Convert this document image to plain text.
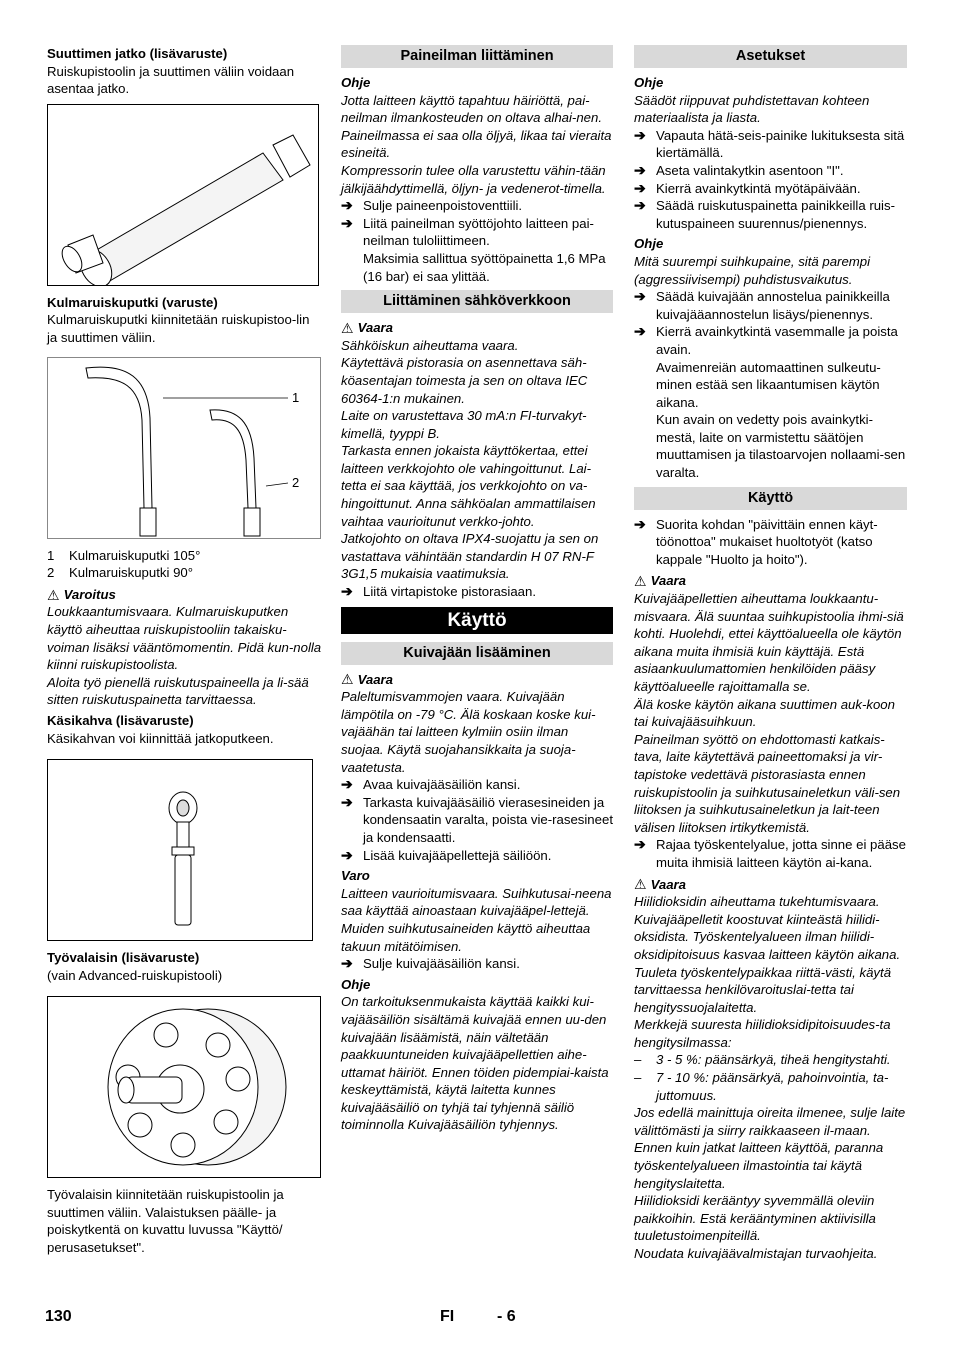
Suuttimen jatko (lisävaruste)

Ruiskupistoolin ja suuttimen väliin voidaan asentaa jatko.

Kulmaruiskuputki (varuste)

Kulmaruiskuputki kiinnitetään ruiskupistoo-lin ja suuttimen väliin.

1
2
1	Kulmaruiskuputki 105°
2	Kulmaruiskuputki 90°
⚠ Varoitus

Loukkaantumisvaara. Kulmaruiskuputken käyttö aiheuttaa ruiskupistooliin takaisku-voiman lisäksi vääntömomentin. Pidä kun-nolla kiinni ruiskupistoolista.

Aloita työ pienellä ruiskutuspaineella ja li-sää sitten ruiskutuspainetta tarvittaessa.

Käsikahva (lisävaruste)

Käsikahvan voi kiinnittää jatkoputkeen.

Työvalaisin (lisävaruste)

(vain Advanced-ruiskupistooli)

Työvalaisin kiinnitetään ruiskupistoolin ja suuttimen väliin. Valaistuksen päälle- ja poiskytkentä on kuvattu luvussa "Käyttö/ perusasetukset".

Paineilman liittäminen

Ohje

Jotta laitteen käyttö tapahtuu häiriöttä, pai-neilman ilmankosteuden on oltava alhai-nen. Paineilmassa ei saa olla öljyä, likaa tai vieraita esineitä.

Kompressorin tulee olla varustettu vähin-tään jälkijäähdyttimellä, öljyn- ja vedenerot-timella.

➔ Sulje paineenpoistoventtiili.
➔ Liitä paineilman syöttöjohto laitteen pai-neilman tuloliittimeen.

Maksimia sallittua syöttöpainetta 1,6 MPa (16 bar) ei saa ylittää.

Liittäminen sähköverkkoon
⚠ Vaara

Sähköiskun aiheuttama vaara.

Käytettävä pistorasia on asennettava säh-köasentajan toimesta ja sen on oltava IEC 60364-1:n mukainen.

Laite on varustettava 30 mA:n FI-turvakyt-kimellä, tyyppi B.

Tarkasta ennen jokaista käyttökertaa, ettei laitteen verkkojohto ole vahingoittunut. Lai-tetta ei saa käyttää, jos verkkojohto on va-hingoittunut. Anna sähköalan ammattilaisen vaihtaa vaurioitunut verkko-johto.

Jatkojohto on oltava IPX4-suojattu ja sen on vastattava vähintään standardin H 07 RN-F 3G1,5 mukaisia vaatimuksia.

➔ Liitä virtapistoke pistorasiaan.
Käyttö
Kuivajään lisääminen
⚠ Vaara

Paleltumisvammojen vaara. Kuivajään lämpötila on -79 °C. Älä koskaan koske kui-vajäähän tai laitteen kylmiin osiin ilman suojaa. Käytä suojahansikkaita ja suoja-vaatetusta.

➔ Avaa kuivajääsäiliön kansi.
➔ Tarkasta kuivajääsäiliö vierasesineiden ja kondensaatin varalta, poista vie-rasesineet ja kondensaatti.
➔ Lisää kuivajääpellettejä säiliöön.

Varo

Laitteen vaurioitumisvaara. Suihkutusai-neena saa käyttää ainoastaan kuivajääpel-lettejä. Muiden suihkutusaineiden käyttö aiheuttaa takuun mitätöimisen.

➔ Sulje kuivajääsäiliön kansi.

Ohje

On tarkoituksenmukaista käyttää kaikki kui-vajääsäiliön sisältämä kuivajää ennen uu-den kuivajään lisäämistä, näin vältetään paakkuuntuneiden kuivajääpellettien aihe-uttamat häiriöt. Ennen töiden pidempiai-kaista keskeyttämistä, käytä laitetta kunnes kuivajääsäiliö on tyhjä tai tyhjennä säiliö toiminnolla Kuivajääsäiliön tyhjennys.

Asetukset

Ohje

Säädöt riippuvat puhdistettavan kohteen materiaalista ja liasta.

➔ Vapauta hätä-seis-painike lukituksesta sitä kiertämällä.
➔ Aseta valintakytkin asentoon "I".
➔ Kierrä avainkytkintä myötäpäivään.
➔ Säädä ruiskutuspainetta painikkeilla ruis-kutuspaineen suurennus/pienennys.

Ohje

Mitä suurempi suihkupaine, sitä parempi (aggressiivisempi) puhdistusvaikutus.

➔ Säädä kuivajään annostelua painikkeilla kuivajääannostelun lisäys/pienennys.
➔ Kierrä avainkytkintä vasemmalle ja poista avain.

Avaimenreiän automaattinen sulkeutu-minen estää sen likaantumisen käytön aikana.

Kun avain on vedetty pois avainkytki-mestä, laite on varmistettu säätöjen muuttamisen ja tilastoarvojen nollaami-sen varalta.

Käyttö
➔ Suorita kohdan "päivittäin ennen käyt-töönottoa" mukaiset huoltotyöt (katso kappale "Huolto ja hoito").
⚠ Vaara

Kuivajääpellettien aiheuttama loukkaantu-misvaara. Älä suuntaa suihkupistoolia ihmi-siä kohti. Huolehdi, ettei käyttöalueella ole käytön aikana muita ihmisiä kuin käyttäjä. Estä asiaankuulumattomien henkilöiden pääsy käyttöalueelle rajoittamalla se.

Älä koske käytön aikana suuttimen auk-koon tai kuivajääsuihkuun.

Paineilman syöttö on ehdottomasti katkais-tava, laite käytettävä paineettomaksi ja vir-tapistoke vedettävä pistorasiasta ennen ruiskupistoolin ja suihkutusaineletkun väli-sen liitoksen ja suihkutusaineletkun ja lait-teen välisen liitoksen irtikytkemistä.

➔ Rajaa työskentelyalue, jotta sinne ei pääse muita ihmisiä laitteen käytön ai-kana.
⚠ Vaara

Hiilidioksidin aiheuttama tukehtumisvaara. Kuivajääpelletit koostuvat kiinteästä hiilidi-oksidista. Työskentelyalueen ilman hiilidi-oksidipitoisuus kasvaa laitteen käytön aikana. Tuuleta työskentelypaikkaa riittä-västi, käytä tarvittaessa henkilövaroituslai-tetta tai hengityssuojalaitetta.

Merkkejä suuresta hiilidioksidipitoisuudes-ta hengitysilmassa:

–	3 - 5 %: päänsärkyä, tiheä hengitystahti.
–	7 - 10 %: päänsärkyä, pahoinvointia, ta-juttomuus.

Jos edellä mainittuja oireita ilmenee, sulje laite välittömästi ja siirry raikkaaseen il-maan. Ennen kuin jatkat laitteen käyttöä, paranna työskentelyalueen ilmastointia tai käytä hengityslaitetta.

Hiilidioksidi kerääntyy syvemmällä oleviin paikkoihin. Estä kerääntyminen aktiivisilla tuuletustoimenpiteillä.

Noudata kuivajäävalmistajan turvaohjeita.

130	FI	- 6
